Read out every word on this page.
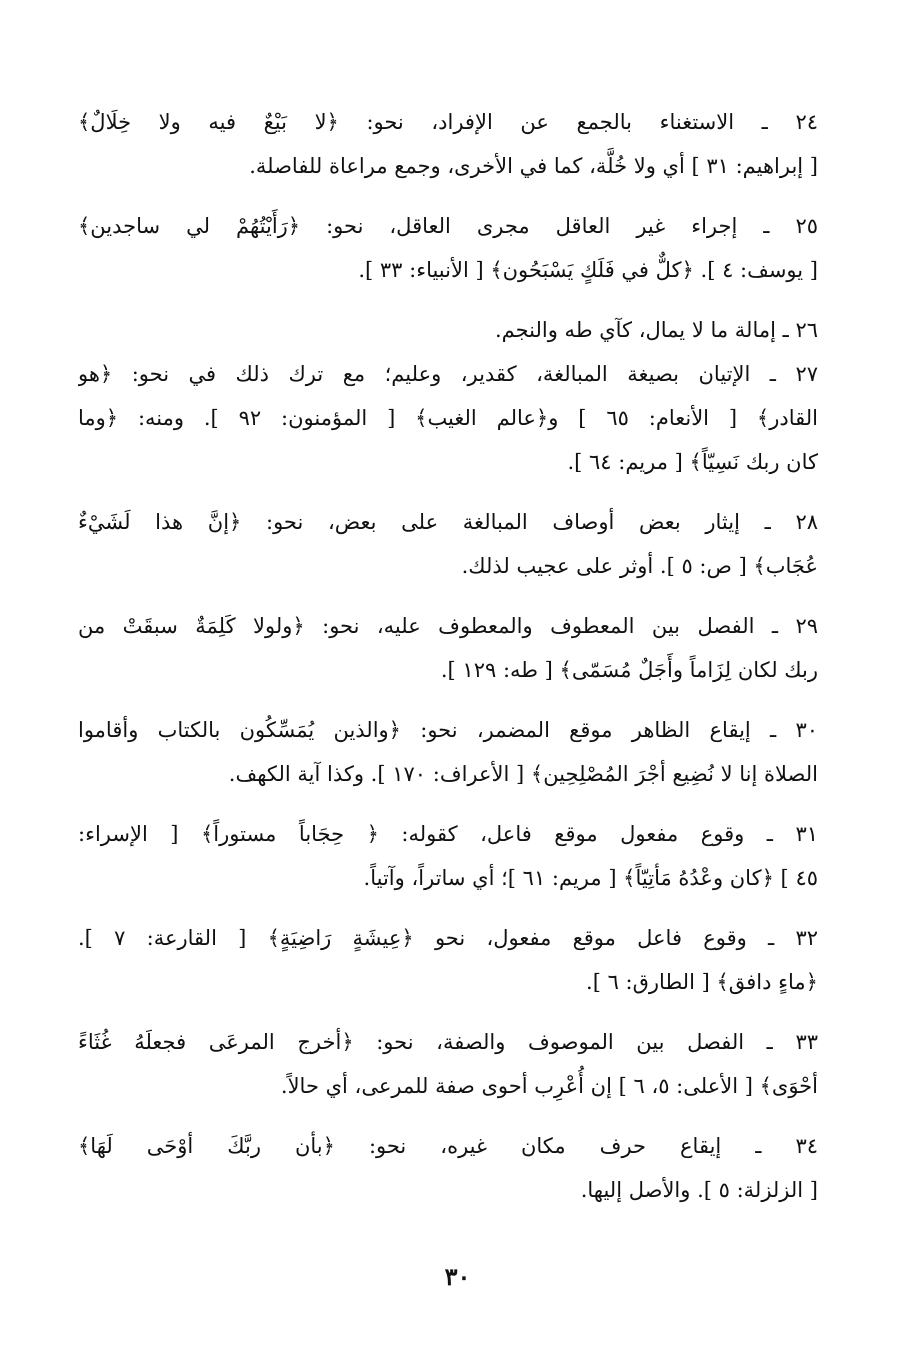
٢٤ ـ الاستغناء بالجمع عن الإفراد، نحو: ﴿لا بَيْعٌ فيه ولا خِلَالٌ﴾
[ إبراهيم: ٣١ ] أي ولا خُلَّة، كما في الأخرى، وجمع مراعاة للفاصلة.
٢٥ ـ إجراء غير العاقل مجرى العاقل، نحو: ﴿رَأَيْتُهُمْ لي ساجدين﴾
[ يوسف: ٤ ]. ﴿كلٌّ في فَلَكٍ يَسْبَحُون﴾ [ الأنبياء: ٣٣ ].
٢٦ ـ إمالة ما لا يمال، كآي طه والنجم.
٢٧ ـ الإتيان بصيغة المبالغة، كقدير، وعليم؛ مع ترك ذلك في نحو: ﴿هو
القادر﴾ [ الأنعام: ٦٥ ] و﴿عالم الغيب﴾ [ المؤمنون: ٩٢ ]. ومنه: ﴿وما
كان ربك نَسِيّاً﴾ [ مريم: ٦٤ ].
٢٨ ـ إيثار بعض أوصاف المبالغة على بعض، نحو: ﴿إنَّ هذا لَشَيْءٌ
عُجَاب﴾ [ ص: ٥ ]. أوثر على عجيب لذلك.
٢٩ ـ الفصل بين المعطوف والمعطوف عليه، نحو: ﴿ولولا كَلِمَةٌ سبقَتْ من
ربك لكان لِزَاماً وأَجَلٌ مُسَمّى﴾ [ طه: ١٢٩ ].
٣٠ ـ إيقاع الظاهر موقع المضمر، نحو: ﴿والذين يُمَسِّكُون بالكتاب وأقاموا
الصلاة إنا لا نُضِيع أجْرَ المُصْلِحِين﴾ [ الأعراف: ١٧٠ ]. وكذا آية الكهف.
٣١ ـ وقوع مفعول موقع فاعل، كقوله: ﴿ حِجَاباً مستوراً﴾ [ الإسراء:
٤٥ ] ﴿كان وعْدُهُ مَأتِيّاً﴾ [ مريم: ٦١ ]؛ أي ساتراً، وآتياً.
٣٢ ـ وقوع فاعل موقع مفعول، نحو ﴿عِيشَةٍ رَاضِيَةٍ﴾ [ القارعة: ٧ ].
﴿ماءٍ دافق﴾ [ الطارق: ٦ ].
٣٣ ـ الفصل بين الموصوف والصفة، نحو: ﴿أخرج المرعَى فجعلَهُ غُثَاءً
أحْوَى﴾ [ الأعلى: ٥، ٦ ] إن أُعْرِب أحوى صفة للمرعى، أي حالاً.
٣٤ ـ إيقاع حرف مكان غيره، نحو: ﴿بأن ربَّكَ أوْحَى لَهَا﴾
[ الزلزلة: ٥ ]. والأصل إليها.
٣٠
